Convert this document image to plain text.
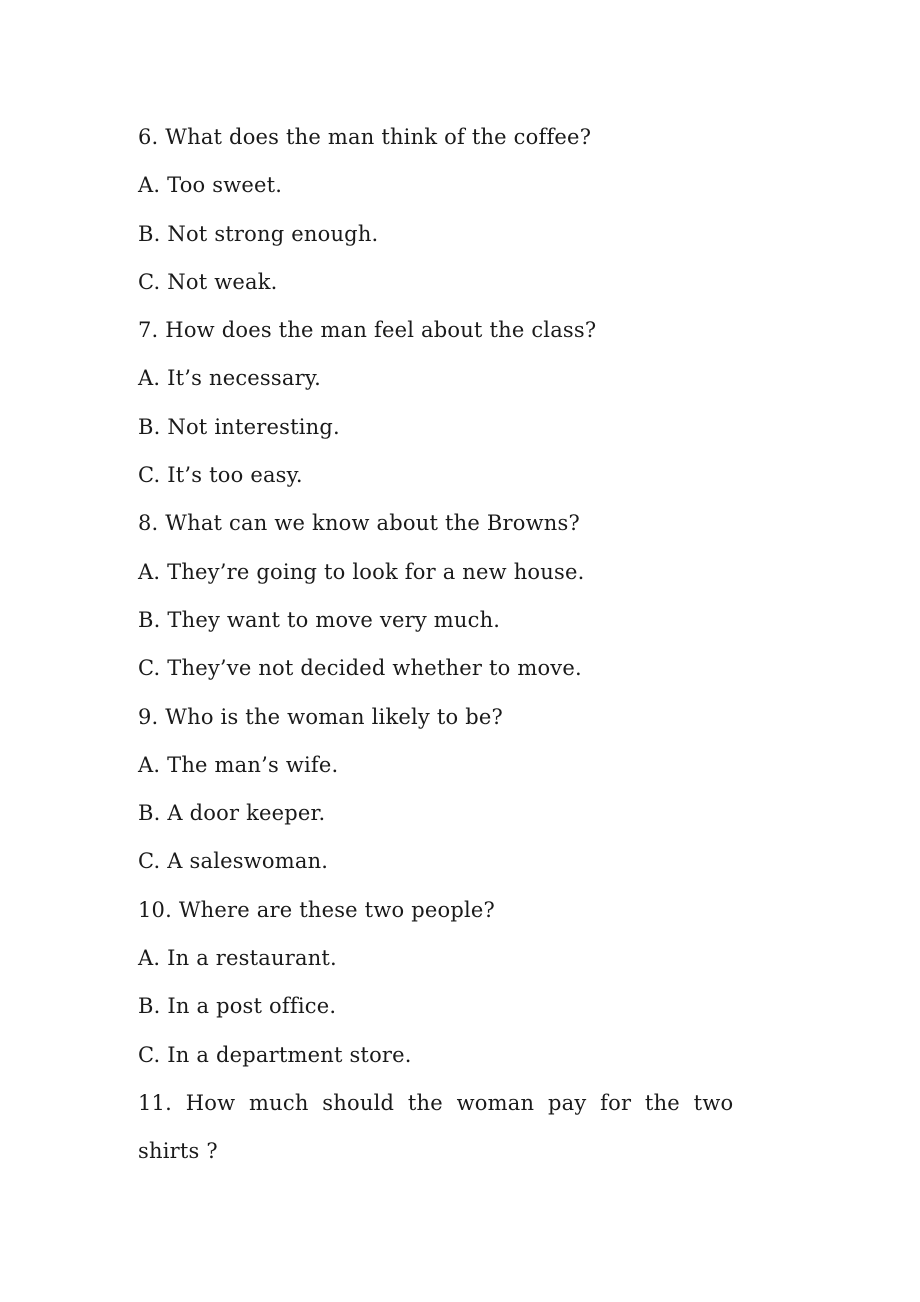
6. What does the man think of the coffee?
A. Too sweet.
B. Not strong enough.
C. Not weak.
7. How does the man feel about the class?
A. It’s necessary.
B. Not interesting.
C. It’s too easy.
8. What can we know about the Browns?
A. They’re going to look for a new house.
B. They want to move very much.
C. They’ve not decided whether to move.
9. Who is the woman likely to be?
A. The man’s wife.
B. A door keeper.
C. A saleswoman.
10. Where are these two people?
A. In a restaurant.
B. In a post office.
C. In a department store.
11.  How  much  should  the  woman  pay  for  the  two
shirts ?
